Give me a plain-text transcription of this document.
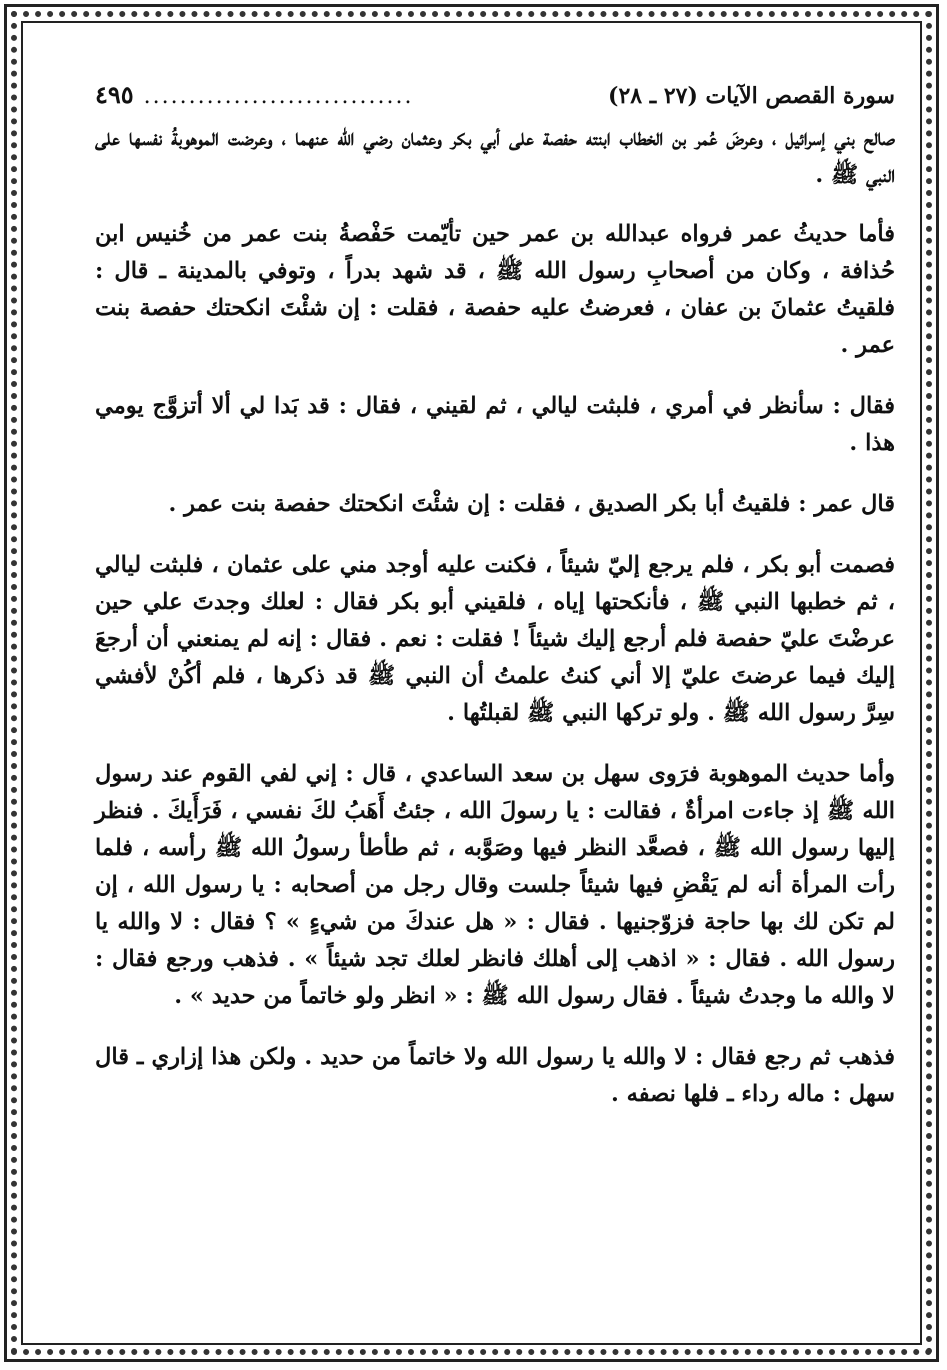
سورة القصص الآيات (٢٧ ـ ٢٨)
..............................
٤٩٥

صالح بني إسرائيل ، وعرضَ عُمر بن الخطاب ابنته حفصة على أبي بكر وعثمان رضي الله عنهما ، وعرضت الموهوبةُ نفسها على النبي ﷺ .

فأما حديثُ عمر فرواه عبدالله بن عمر حين تأيّمت حَفْصةُ بنت عمر من خُنيس ابن حُذافة ، وكان من أصحابِ رسول الله ﷺ ، قد شهد بدراً ، وتوفي بالمدينة ـ قال : فلقيتُ عثمانَ بن عفان ، فعرضتُ عليه حفصة ، فقلت : إن شئْتَ انكحتك حفصة بنت عمر .

فقال : سأنظر في أمري ، فلبثت ليالي ، ثم لقيني ، فقال : قد بَدا لي ألا أتزوَّج يومي هذا .

قال عمر : فلقيتُ أبا بكر الصديق ، فقلت : إن شئْتَ انكحتك حفصة بنت عمر .

فصمت أبو بكر ، فلم يرجع إليّ شيئاً ، فكنت عليه أوجد مني على عثمان ، فلبثت ليالي ، ثم خطبها النبي ﷺ ، فأنكحتها إياه ، فلقيني أبو بكر فقال : لعلك وجدتَ علي حين عرضْتَ عليّ حفصة فلم أرجع إليك شيئاً ! فقلت : نعم . فقال : إنه لم يمنعني أن أرجعَ إليك فيما عرضتَ عليّ إلا أني كنتُ علمتُ أن النبي ﷺ قد ذكرها ، فلم أكُنْ لأفشي سِرَّ رسول الله ﷺ . ولو تركها النبي ﷺ لقبلتُها .

وأما حديث الموهوبة فرَوى سهل بن سعد الساعدي ، قال : إني لفي القوم عند رسول الله ﷺ إذ جاءت امرأةٌ ، فقالت : يا رسولَ الله ، جئتُ أَهَبُ لكَ نفسي ، فَرَأَيكَ . فنظر إليها رسول الله ﷺ ، فصعَّد النظر فيها وصَوَّبه ، ثم طأطأ رسولُ الله ﷺ رأسه ، فلما رأت المرأة أنه لم يَقْضِ فيها شيئاً جلست وقال رجل من أصحابه : يا رسول الله ، إن لم تكن لك بها حاجة فزوّجنيها . فقال : « هل عندكَ من شيءٍ » ؟ فقال : لا والله يا رسول الله . فقال : « اذهب إلى أهلك فانظر لعلك تجد شيئاً » . فذهب ورجع فقال : لا والله ما وجدتُ شيئاً . فقال رسول الله ﷺ : « انظر ولو خاتماً من حديد » .

فذهب ثم رجع فقال : لا والله يا رسول الله ولا خاتماً من حديد . ولكن هذا إزاري ـ قال سهل : ماله رداء ـ فلها نصفه .
